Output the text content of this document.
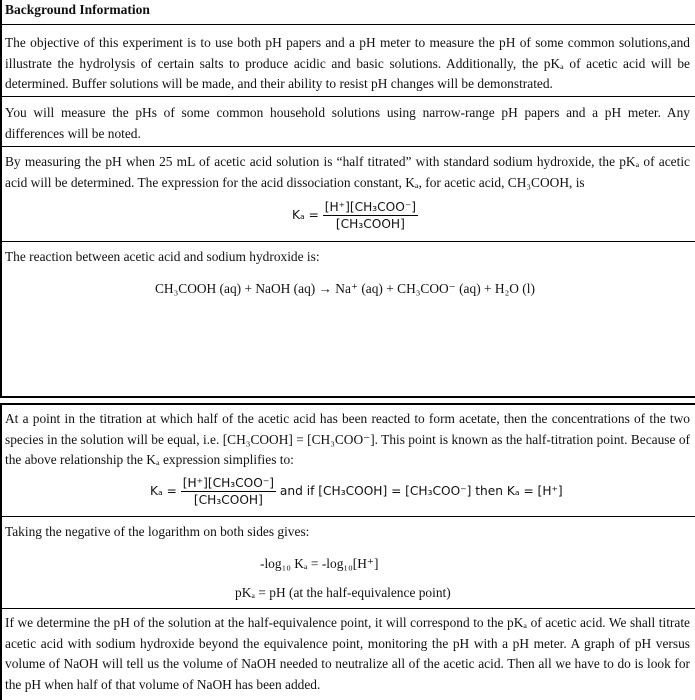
Background Information

The objective of this experiment is to use both pH papers and a pH meter to measure the pH of some common solutions,and illustrate the hydrolysis of certain salts to produce acidic and basic solutions. Additionally, the pKₐ of acetic acid will be determined. Buffer solutions will be made, and their ability to resist pH changes will be demonstrated.

You will measure the pHs of some common household solutions using narrow-range pH papers and a pH meter. Any differences will be noted.

By measuring the pH when 25 mL of acetic acid solution is “half titrated” with standard sodium hydroxide, the pKₐ of acetic acid will be determined. The expression for the acid dissociation constant, Kₐ, for acetic acid, CH₃COOH, is

$K_a = \frac{\text{[H⁺][CH₃COO⁻]}}{\text{[CH₃COOH]}}$

The reaction between acetic acid and sodium hydroxide is:

CH₃COOH (aq) + NaOH (aq) → Na⁺ (aq) + CH₃COO⁻ (aq) + H₂O (l)

At a point in the titration at which half of the acetic acid has been reacted to form acetate, then the concentrations of the two species in the solution will be equal, i.e. [CH₃COOH] = [CH₃COO⁻]. This point is known as the half-titration point. Because of the above relationship the Kₐ expression simplifies to:

$K_a = \frac{\text{[H⁺][CH₃COO⁻]}}{\text{[CH₃COOH]}}$ and if [CH₃COOH] = [CH₃COO⁻] then Kₐ = [H⁺]

Taking the negative of the logarithm on both sides gives:

-log₁₀ Kₐ = -log₁₀[H⁺]
pKₐ = pH (at the half-equivalence point)

If we determine the pH of the solution at the half-equivalence point, it will correspond to the pKₐ of acetic acid. We shall titrate acetic acid with sodium hydroxide beyond the equivalence point, monitoring the pH with a pH meter. A graph of pH versus volume of NaOH will tell us the volume of NaOH needed to neutralize all of the acetic acid. Then all we have to do is look for the pH when half of that volume of NaOH has been added.
